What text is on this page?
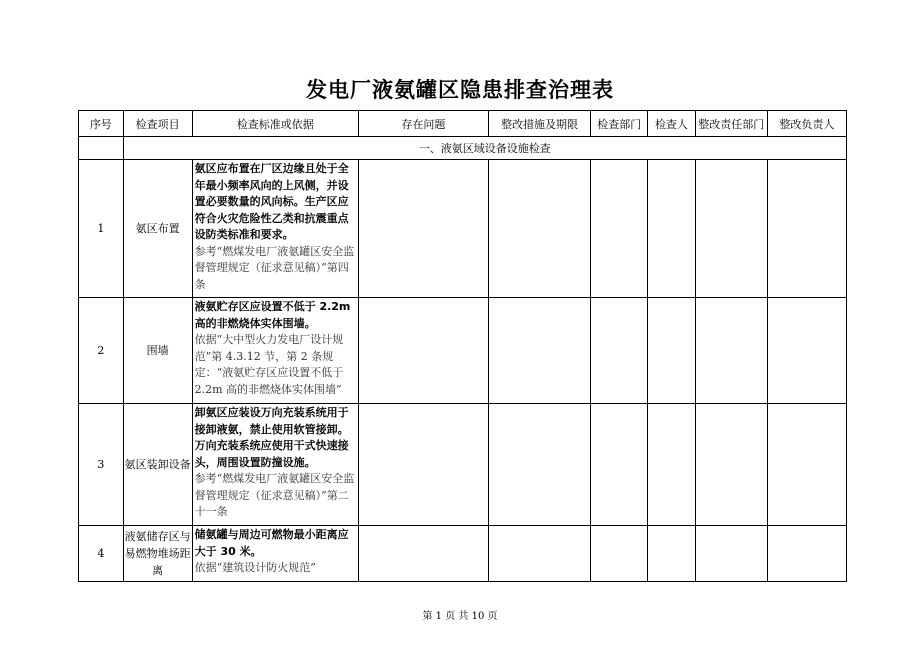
发电厂液氨罐区隐患排查治理表
序号	检查项目	检查标准或依据	存在问题	整改措施及期限	检查部门	检查人	整改责任部门	整改负责人
	一、液氨区域设备设施检查							
1	氨区布置	氨区应布置在厂区边缘且处于全年最小频率风向的上风侧，并设置必要数量的风向标。生产区应符合火灾危险性乙类和抗震重点设防类标准和要求。
参考“燃煤发电厂液氨罐区安全监督管理规定（征求意见稿）”第四条						

2	围墙	液氨贮存区应设置不低于 2.2m 高的非燃烧体实体围墙。
依据“大中型火力发电厂设计规范”第 4.3.12 节，第 2 条规定：“液氨贮存区应设置不低于 2.2m 高的非燃烧体实体围墙”						

3	氨区装卸设备	卸氨区应装设万向充装系统用于接卸液氨，禁止使用软管接卸。万向充装系统应使用干式快速接头，周围设置防撞设施。
参考“燃煤发电厂液氨罐区安全监督管理规定（征求意见稿）”第二十一条						

4	液氨储存区与易燃物堆场距离	储氨罐与周边可燃物最小距离应大于 30 米。
依据“建筑设计防火规范”						

第 1 页 共 10 页
